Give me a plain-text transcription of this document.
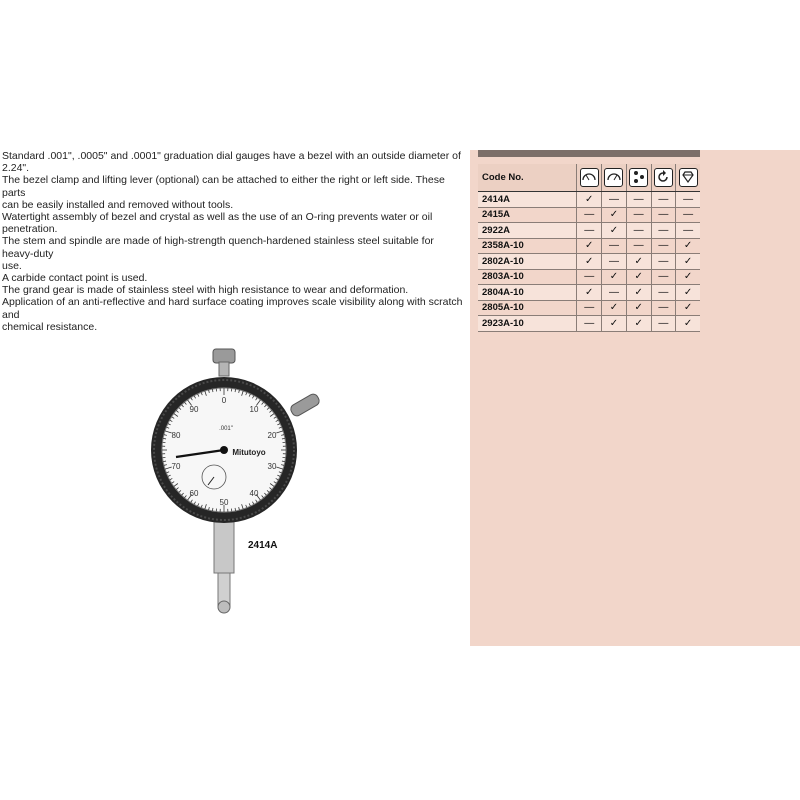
Standard .001", .0005" and .0001" graduation dial gauges have a bezel with an outside diameter of 2.24".

The bezel clamp and lifting lever (optional) can be attached to either the right or left side. These parts

can be easily installed and removed without tools.

Watertight assembly of bezel and crystal as well as the use of an O-ring prevents water or oil penetration.

The stem and spindle are made of high-strength quench-hardened stainless steel suitable for heavy-duty

use.

A carbide contact point is used.

The grand gear is made of stainless steel with high resistance to wear and deformation.

Application of an anti-reflective and hard surface coating improves scale visibility along with scratch and

chemical resistance.

0
10
20
30
40
50
60
70
80
90
.001"
Mitutoyo
2414A
Code No.					
2414A	✓	—	—	—	—
2415A	—	✓	—	—	—
2922A	—	✓	—	—	—
2358A-10	✓	—	—	—	✓
2802A-10	✓	—	✓	—	✓
2803A-10	—	✓	✓	—	✓
2804A-10	✓	—	✓	—	✓
2805A-10	—	✓	✓	—	✓
2923A-10	—	✓	✓	—	✓
